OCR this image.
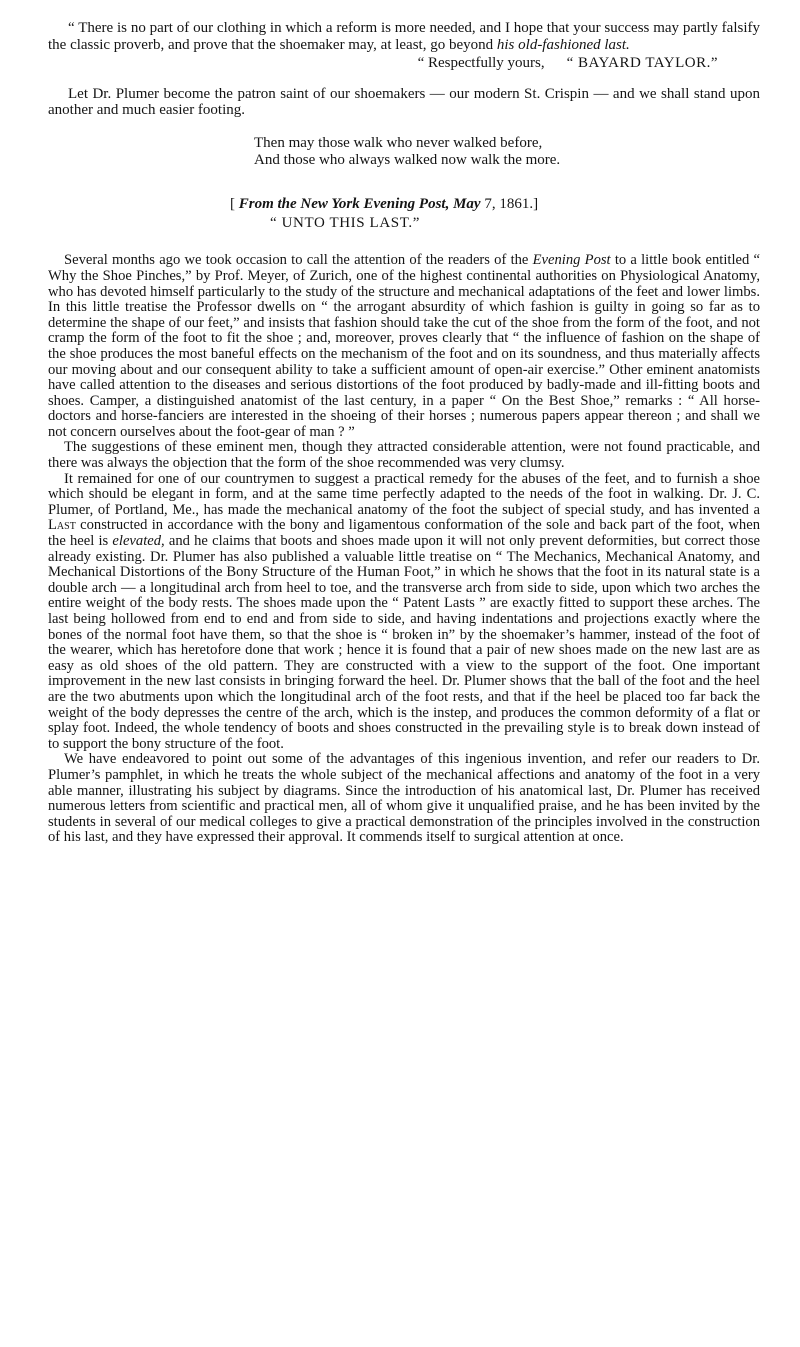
“ There is no part of our clothing in which a reform is more needed, and I hope that your success may partly falsify the classic proverb, and prove that the shoemaker may, at least, go beyond his old-fashioned last.

“ Respectfully yours, “ BAYARD TAYLOR.”

Let Dr. Plumer become the patron saint of our shoemakers — our modern St. Crispin — and we shall stand upon another and much easier footing.

Then may those walk who never walked before,
And those who always walked now walk the more.
[ From the New York Evening Post, May 7, 1861.]
“ UNTO THIS LAST.”

Several months ago we took occasion to call the attention of the readers of the Evening Post to a little book entitled “ Why the Shoe Pinches,” by Prof. Meyer, of Zurich, one of the highest continental authorities on Physiological Anatomy, who has devoted himself particularly to the study of the structure and mechanical adaptations of the feet and lower limbs. In this little treatise the Professor dwells on “ the arrogant absurdity of which fashion is guilty in going so far as to determine the shape of our feet,” and insists that fashion should take the cut of the shoe from the form of the foot, and not cramp the form of the foot to fit the shoe ; and, moreover, proves clearly that “ the influence of fashion on the shape of the shoe produces the most baneful effects on the mechanism of the foot and on its soundness, and thus materially affects our moving about and our consequent ability to take a sufficient amount of open-air exercise.” Other eminent anatomists have called attention to the diseases and serious distortions of the foot produced by badly-made and ill-fitting boots and shoes. Camper, a distinguished anatomist of the last century, in a paper “ On the Best Shoe,” remarks : “ All horse-doctors and horse-fanciers are interested in the shoeing of their horses ; numerous papers appear thereon ; and shall we not concern ourselves about the foot-gear of man ? ”

The suggestions of these eminent men, though they attracted considerable attention, were not found practicable, and there was always the objection that the form of the shoe recommended was very clumsy.

It remained for one of our countrymen to suggest a practical remedy for the abuses of the feet, and to furnish a shoe which should be elegant in form, and at the same time perfectly adapted to the needs of the foot in walking. Dr. J. C. Plumer, of Portland, Me., has made the mechanical anatomy of the foot the subject of special study, and has invented a Last constructed in accordance with the bony and ligamentous conformation of the sole and back part of the foot, when the heel is elevated, and he claims that boots and shoes made upon it will not only prevent deformities, but correct those already existing. Dr. Plumer has also published a valuable little treatise on “ The Mechanics, Mechanical Anatomy, and Mechanical Distortions of the Bony Structure of the Human Foot,” in which he shows that the foot in its natural state is a double arch — a longitudinal arch from heel to toe, and the transverse arch from side to side, upon which two arches the entire weight of the body rests. The shoes made upon the “ Patent Lasts ” are exactly fitted to support these arches. The last being hollowed from end to end and from side to side, and having indentations and projections exactly where the bones of the normal foot have them, so that the shoe is “ broken in” by the shoemaker’s hammer, instead of the foot of the wearer, which has heretofore done that work ; hence it is found that a pair of new shoes made on the new last are as easy as old shoes of the old pattern. They are constructed with a view to the support of the foot. One important improvement in the new last consists in bringing forward the heel. Dr. Plumer shows that the ball of the foot and the heel are the two abutments upon which the longitudinal arch of the foot rests, and that if the heel be placed too far back the weight of the body depresses the centre of the arch, which is the instep, and produces the common deformity of a flat or splay foot. Indeed, the whole tendency of boots and shoes constructed in the prevailing style is to break down instead of to support the bony structure of the foot.

We have endeavored to point out some of the advantages of this ingenious invention, and refer our readers to Dr. Plumer’s pamphlet, in which he treats the whole subject of the mechanical affections and anatomy of the foot in a very able manner, illustrating his subject by diagrams. Since the introduction of his anatomical last, Dr. Plumer has received numerous letters from scientific and practical men, all of whom give it unqualified praise, and he has been invited by the students in several of our medical colleges to give a practical demonstration of the principles involved in the construction of his last, and they have expressed their approval. It commends itself to surgical attention at once.
